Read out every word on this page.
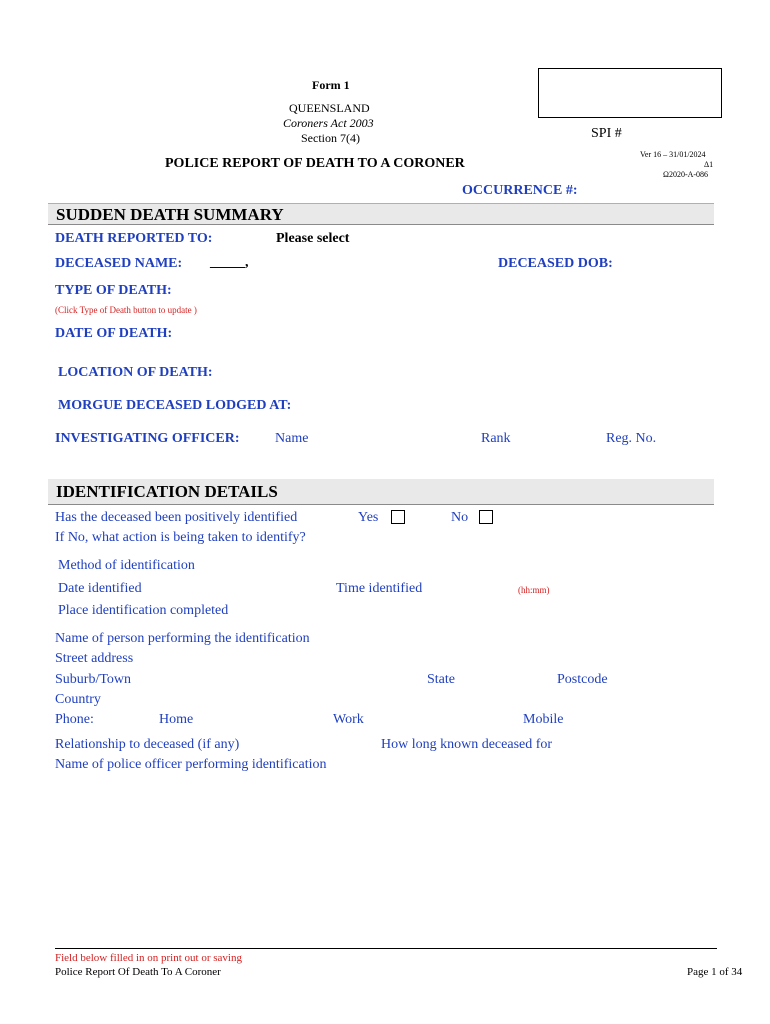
Form 1
QUEENSLAND
Coroners Act 2003
Section 7(4)	SPI #
Ver 16 – 31/01/2024
Δ1
Ω2020-A-086
POLICE REPORT OF DEATH TO A CORONER
OCCURRENCE #:
SUDDEN DEATH SUMMARY
DEATH REPORTED TO:	Please select
DECEASED NAME: _____,	DECEASED DOB:
TYPE OF DEATH:
(Click Type of Death button to update )
DATE OF DEATH:
LOCATION OF DEATH:
MORGUE DECEASED LODGED AT:
INVESTIGATING OFFICER:	Name	Rank	Reg. No.
IDENTIFICATION DETAILS
Has the deceased been positively identified	Yes	No
If No, what action is being taken to identify?
Method of identification
Date identified	Time identified	(hh:mm)
Place identification completed
Name of person performing the identification
Street address
Suburb/Town	State	Postcode
Country
Phone:	Home	Work	Mobile
Relationship to deceased (if any)	How long known deceased for
Name of police officer performing identification
Field below filled in on print out or saving
Police Report Of Death To A Coroner	Page 1 of 34
